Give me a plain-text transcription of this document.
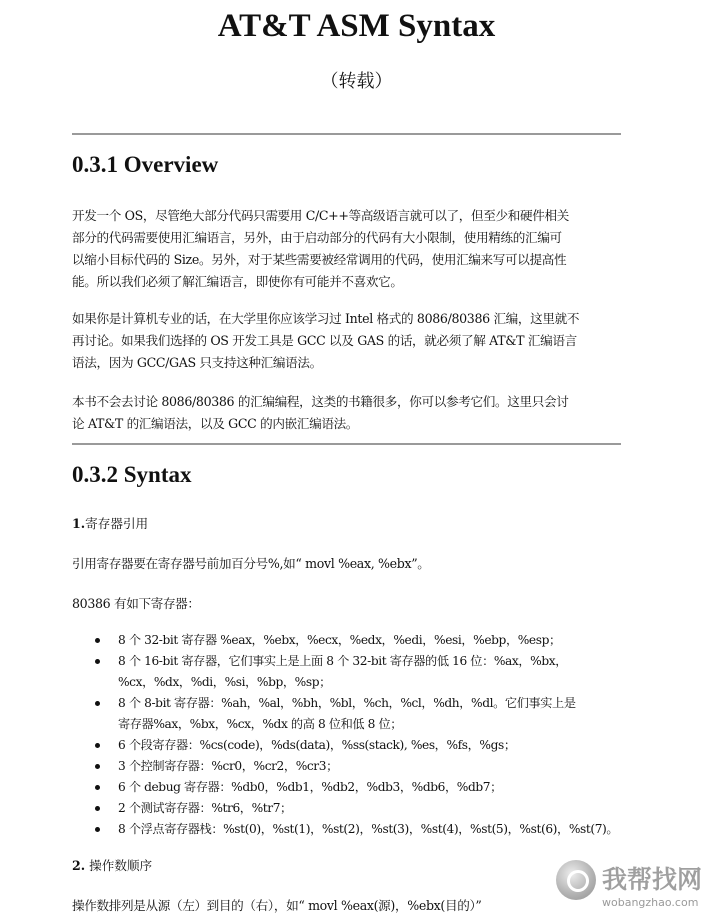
AT&T ASM Syntax
（转载）
0.3.1 Overview

开发一个 OS，尽管绝大部分代码只需要用 C/C++等高级语言就可以了，但至少和硬件相关
部分的代码需要使用汇编语言，另外，由于启动部分的代码有大小限制，使用精练的汇编可
以缩小目标代码的 Size。另外，对于某些需要被经常调用的代码，使用汇编来写可以提高性
能。所以我们必须了解汇编语言，即使你有可能并不喜欢它。

如果你是计算机专业的话，在大学里你应该学习过 Intel 格式的 8086/80386 汇编，这里就不
再讨论。如果我们选择的 OS 开发工具是 GCC 以及 GAS 的话，就必须了解 AT&T 汇编语言
语法，因为 GCC/GAS 只支持这种汇编语法。

本书不会去讨论 8086/80386 的汇编编程，这类的书籍很多，你可以参考它们。这里只会讨
论 AT&T 的汇编语法，以及 GCC 的内嵌汇编语法。

0.3.2 Syntax

1.寄存器引用

引用寄存器要在寄存器号前加百分号%,如“ movl %eax, %ebx”。

80386 有如下寄存器：

8 个 32-bit 寄存器 %eax，%ebx，%ecx，%edx，%edi，%esi，%ebp，%esp；
8 个 16-bit 寄存器，它们事实上是上面 8 个 32-bit 寄存器的低 16 位：%ax，%bx，
%cx，%dx，%di，%si，%bp，%sp；
8 个 8-bit 寄存器：%ah，%al，%bh，%bl，%ch，%cl，%dh，%dl。它们事实上是
寄存器%ax，%bx，%cx，%dx 的高 8 位和低 8 位；
6 个段寄存器：%cs(code)，%ds(data)，%ss(stack), %es，%fs，%gs；
3 个控制寄存器：%cr0，%cr2，%cr3；
6 个 debug 寄存器：%db0，%db1，%db2，%db3，%db6，%db7；
2 个测试寄存器：%tr6，%tr7；
8 个浮点寄存器栈：%st(0)，%st(1)，%st(2)，%st(3)，%st(4)，%st(5)，%st(6)，%st(7)。

2. 操作数顺序

操作数排列是从源（左）到目的（右），如“ movl %eax(源)，%ebx(目的）”

我帮找网
wobangzhao.com
